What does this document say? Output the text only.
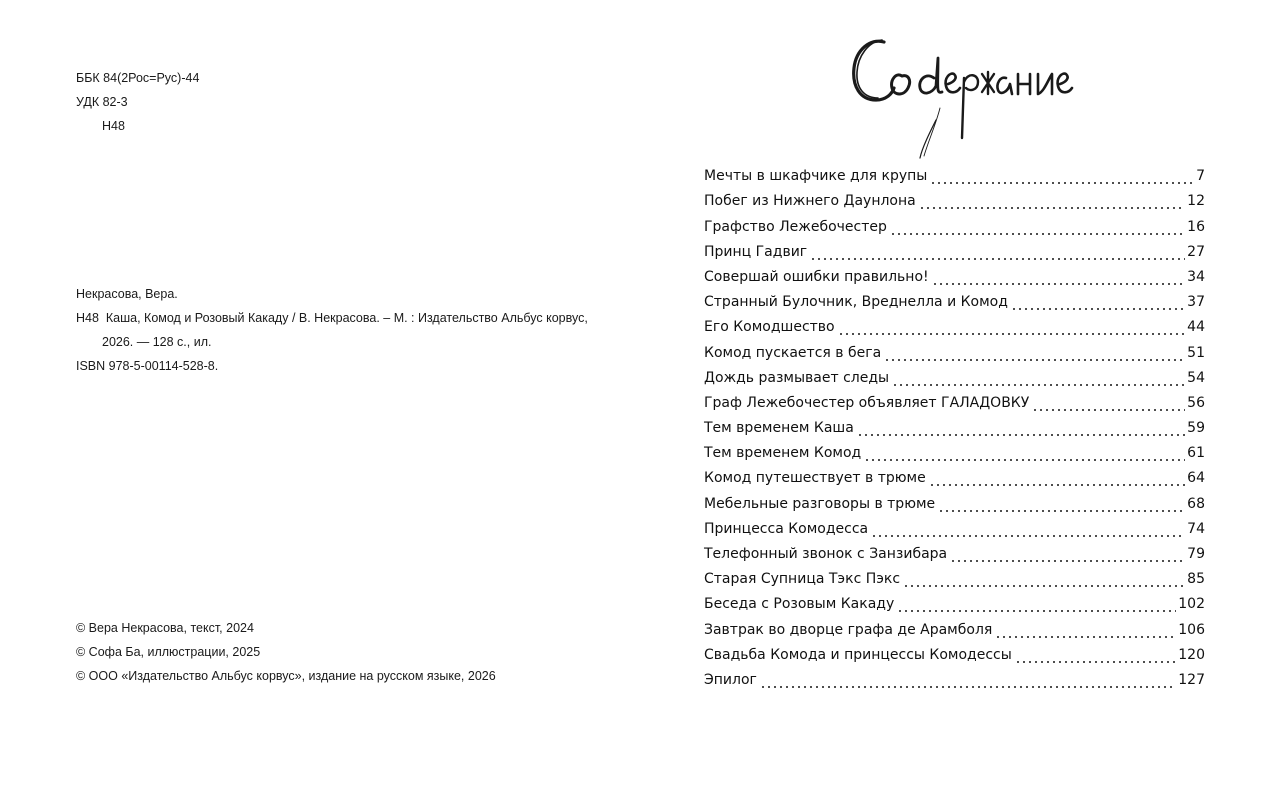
ББК 84(2Рос=Рус)-44
УДК 82-3
Н48
Некрасова, Вера.
Н48 Каша, Комод и Розовый Какаду / В. Некрасова. – М. : Издательство Альбус корвус,
2026. — 128 с., ил.
ISBN 978-5-00114-528-8.
© Вера Некрасова, текст, 2024
© Софа Ба, иллюстрации, 2025
© ООО «Издательство Альбус корвус», издание на русском языке, 2026
Мечты в шкафчике для крупы	7
Побег из Нижнего Даунлона	12
Графство Лежебочестер	16
Принц Гадвиг	27
Совершай ошибки правильно!	34
Странный Булочник, Вреднелла и Комод	37
Его Комодшество	44
Комод пускается в бега	51
Дождь размывает следы	54
Граф Лежебочестер объявляет ГАЛАДОВКУ	56
Тем временем Каша	59
Тем временем Комод	61
Комод путешествует в трюме	64
Мебельные разговоры в трюме	68
Принцесса Комодесса	74
Телефонный звонок с Занзибара	79
Старая Супница Тэкс Пэкс	85
Беседа с Розовым Какаду	102
Завтрак во дворце графа де Арамболя	106
Свадьба Комода и принцессы Комодессы	120
Эпилог	127
